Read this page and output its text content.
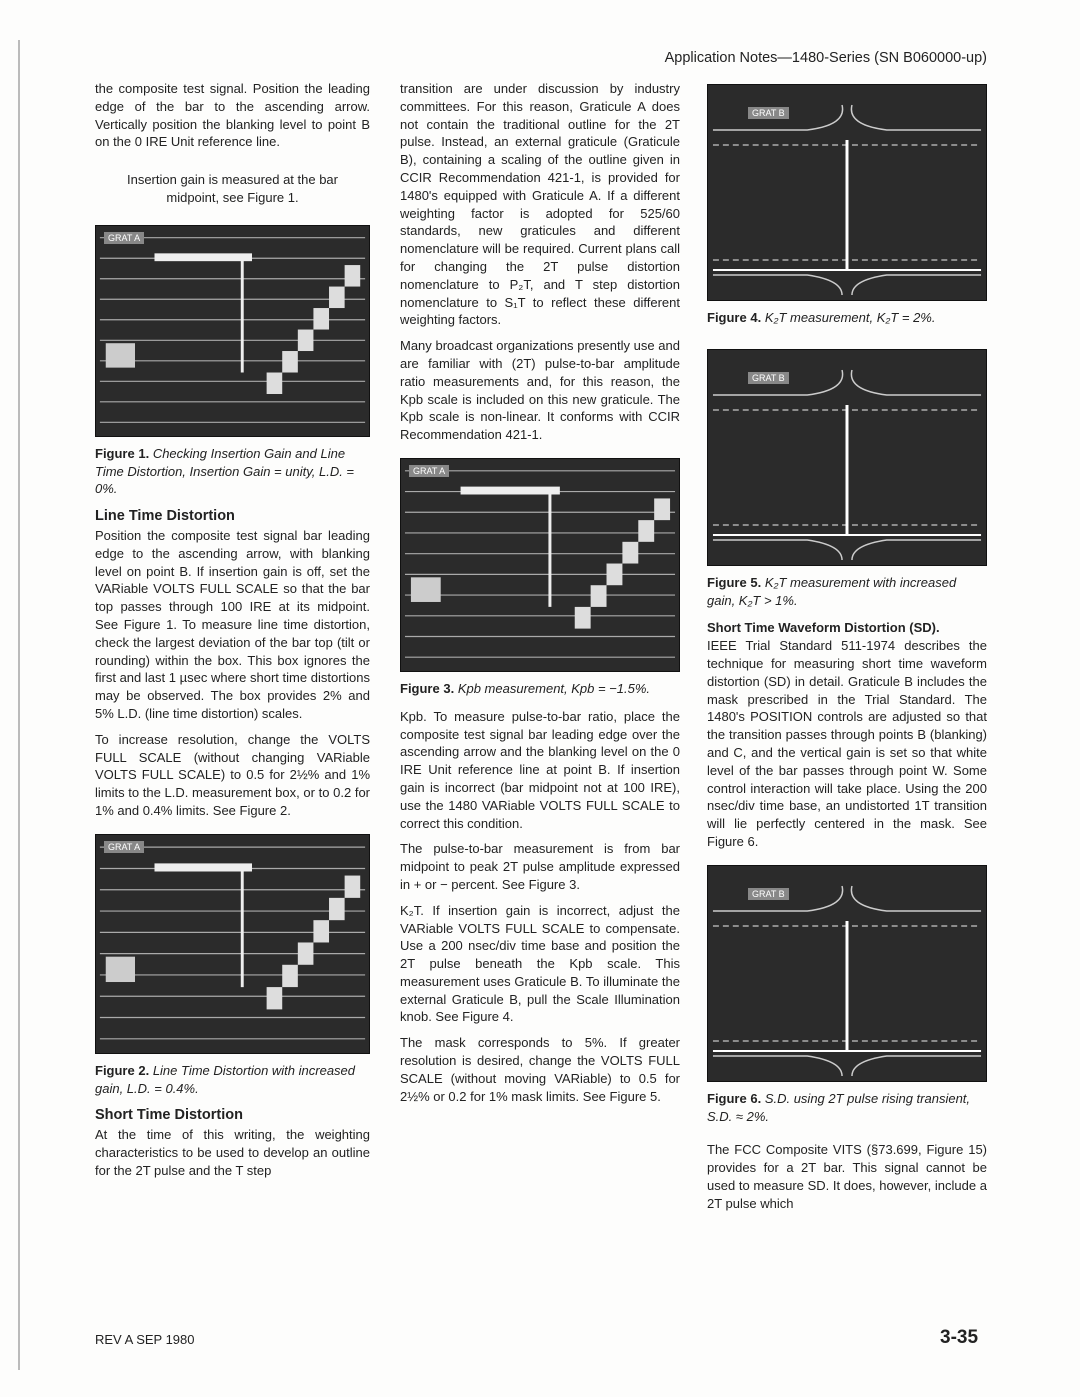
Application Notes—1480-Series (SN B060000-up)

the composite test signal. Position the leading edge of the bar to the ascending arrow. Vertically position the blanking level to point B on the 0 IRE Unit reference line.

Insertion gain is measured at the bar midpoint, see Figure 1.

GRAT A
Figure 1. Checking Insertion Gain and Line Time Distortion, Insertion Gain = unity, L.D. = 0%.
Line Time Distortion

Position the composite test signal bar leading edge to the ascending arrow, with blanking level on point B. If insertion gain is off, set the VARiable VOLTS FULL SCALE so that the bar top passes through 100 IRE at its midpoint. See Figure 1. To measure line time distortion, check the largest deviation of the bar top (tilt or rounding) within the box. This box ignores the first and last 1 µsec where short time distortions may be observed. The box provides 2% and 5% L.D. (line time distortion) scales.

To increase resolution, change the VOLTS FULL SCALE (without changing VARiable VOLTS FULL SCALE) to 0.5 for 2½% and 1% limits to the L.D. measurement box, or to 0.2 for 1% and 0.4% limits. See Figure 2.

GRAT A
Figure 2. Line Time Distortion with increased gain, L.D. = 0.4%.
Short Time Distortion

At the time of this writing, the weighting characteristics to be used to develop an outline for the 2T pulse and the T step

transition are under discussion by industry committees. For this reason, Graticule A does not contain the traditional outline for the 2T pulse. Instead, an external graticule (Graticule B), containing a scaling of the outline given in CCIR Recommendation 421-1, is provided for 1480's equipped with Graticule A. If a different weighting factor is adopted for 525/60 standards, new graticules and different nomenclature will be required. Current plans call for changing the 2T pulse distortion nomenclature to P₂T, and T step distortion nomenclature to S₁T to reflect these different weighting factors.

Many broadcast organizations presently use and are familiar with (2T) pulse-to-bar amplitude ratio measurements and, for this reason, the Kpb scale is included on this new graticule. The Kpb scale is non-linear. It conforms with CCIR Recommendation 421-1.

GRAT A
Figure 3. Kpb measurement, Kpb = −1.5%.

Kpb. To measure pulse-to-bar ratio, place the composite test signal bar leading edge over the ascending arrow and the blanking level on the 0 IRE Unit reference line at point B. If insertion gain is incorrect (bar midpoint not at 100 IRE), use the 1480 VARiable VOLTS FULL SCALE to correct this condition.

The pulse-to-bar measurement is from bar midpoint to peak 2T pulse amplitude expressed in + or − percent. See Figure 3.

K₂T. If insertion gain is incorrect, adjust the VARiable VOLTS FULL SCALE to compensate. Use a 200 nsec/div time base and position the 2T pulse beneath the Kpb scale. This measurement uses Graticule B. To illuminate the external Graticule B, pull the Scale Illumination knob. See Figure 4.

The mask corresponds to 5%. If greater resolution is desired, change the VOLTS FULL SCALE (without moving VARiable) to 0.5 for 2½% or 0.2 for 1% mask limits. See Figure 5.

GRAT B
Figure 4. K₂T measurement, K₂T = 2%.
GRAT B
Figure 5. K₂T measurement with increased gain, K₂T > 1%.
Short Time Waveform Distortion (SD).

IEEE Trial Standard 511-1974 describes the technique for measuring short time waveform distortion (SD) in detail. Graticule B includes the mask prescribed in the Trial Standard. The 1480's POSITION controls are adjusted so that the transition passes through points B (blanking) and C, and the vertical gain is set so that white level of the bar passes through point W. Some control interaction will take place. Using the 200 nsec/div time base, an undistorted 1T transition will lie perfectly centered in the mask. See Figure 6.

GRAT B
Figure 6. S.D. using 2T pulse rising transient, S.D. ≈ 2%.

The FCC Composite VITS (§73.699, Figure 15) provides for a 2T bar. This signal cannot be used to measure SD. It does, however, include a 2T pulse which

REV A SEP 1980	3-35
